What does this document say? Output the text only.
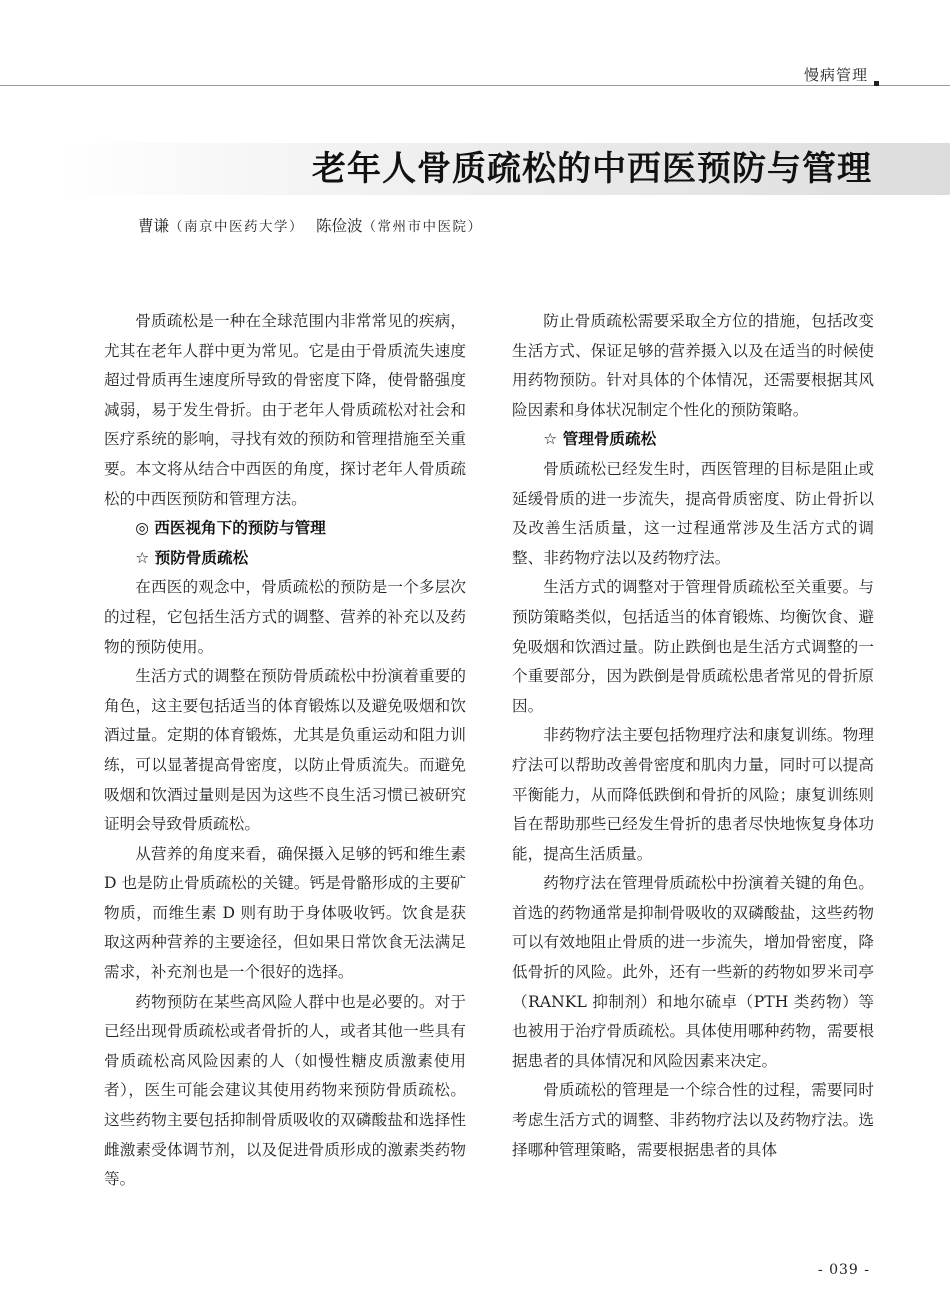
慢病管理
老年人骨质疏松的中西医预防与管理
曹谦（南京中医药大学） 陈俭波（常州市中医院）

骨质疏松是一种在全球范围内非常常见的疾病，尤其在老年人群中更为常见。它是由于骨质流失速度超过骨质再生速度所导致的骨密度下降，使骨骼强度减弱，易于发生骨折。由于老年人骨质疏松对社会和医疗系统的影响，寻找有效的预防和管理措施至关重要。本文将从结合中西医的角度，探讨老年人骨质疏松的中西医预防和管理方法。

◎ 西医视角下的预防与管理
☆ 预防骨质疏松

在西医的观念中，骨质疏松的预防是一个多层次的过程，它包括生活方式的调整、营养的补充以及药物的预防使用。

生活方式的调整在预防骨质疏松中扮演着重要的角色，这主要包括适当的体育锻炼以及避免吸烟和饮酒过量。定期的体育锻炼，尤其是负重运动和阻力训练，可以显著提高骨密度，以防止骨质流失。而避免吸烟和饮酒过量则是因为这些不良生活习惯已被研究证明会导致骨质疏松。

从营养的角度来看，确保摄入足够的钙和维生素 D 也是防止骨质疏松的关键。钙是骨骼形成的主要矿物质，而维生素 D 则有助于身体吸收钙。饮食是获取这两种营养的主要途径，但如果日常饮食无法满足需求，补充剂也是一个很好的选择。

药物预防在某些高风险人群中也是必要的。对于已经出现骨质疏松或者骨折的人，或者其他一些具有骨质疏松高风险因素的人（如慢性糖皮质激素使用者），医生可能会建议其使用药物来预防骨质疏松。这些药物主要包括抑制骨质吸收的双磷酸盐和选择性雌激素受体调节剂，以及促进骨质形成的激素类药物等。

防止骨质疏松需要采取全方位的措施，包括改变生活方式、保证足够的营养摄入以及在适当的时候使用药物预防。针对具体的个体情况，还需要根据其风险因素和身体状况制定个性化的预防策略。

☆ 管理骨质疏松

骨质疏松已经发生时，西医管理的目标是阻止或延缓骨质的进一步流失，提高骨质密度、防止骨折以及改善生活质量，这一过程通常涉及生活方式的调整、非药物疗法以及药物疗法。

生活方式的调整对于管理骨质疏松至关重要。与预防策略类似，包括适当的体育锻炼、均衡饮食、避免吸烟和饮酒过量。防止跌倒也是生活方式调整的一个重要部分，因为跌倒是骨质疏松患者常见的骨折原因。

非药物疗法主要包括物理疗法和康复训练。物理疗法可以帮助改善骨密度和肌肉力量，同时可以提高平衡能力，从而降低跌倒和骨折的风险；康复训练则旨在帮助那些已经发生骨折的患者尽快地恢复身体功能，提高生活质量。

药物疗法在管理骨质疏松中扮演着关键的角色。首选的药物通常是抑制骨吸收的双磷酸盐，这些药物可以有效地阻止骨质的进一步流失，增加骨密度，降低骨折的风险。此外，还有一些新的药物如罗米司亭（RANKL 抑制剂）和地尔硫卓（PTH 类药物）等也被用于治疗骨质疏松。具体使用哪种药物，需要根据患者的具体情况和风险因素来决定。

骨质疏松的管理是一个综合性的过程，需要同时考虑生活方式的调整、非药物疗法以及药物疗法。选择哪种管理策略，需要根据患者的具体

- 039 -
